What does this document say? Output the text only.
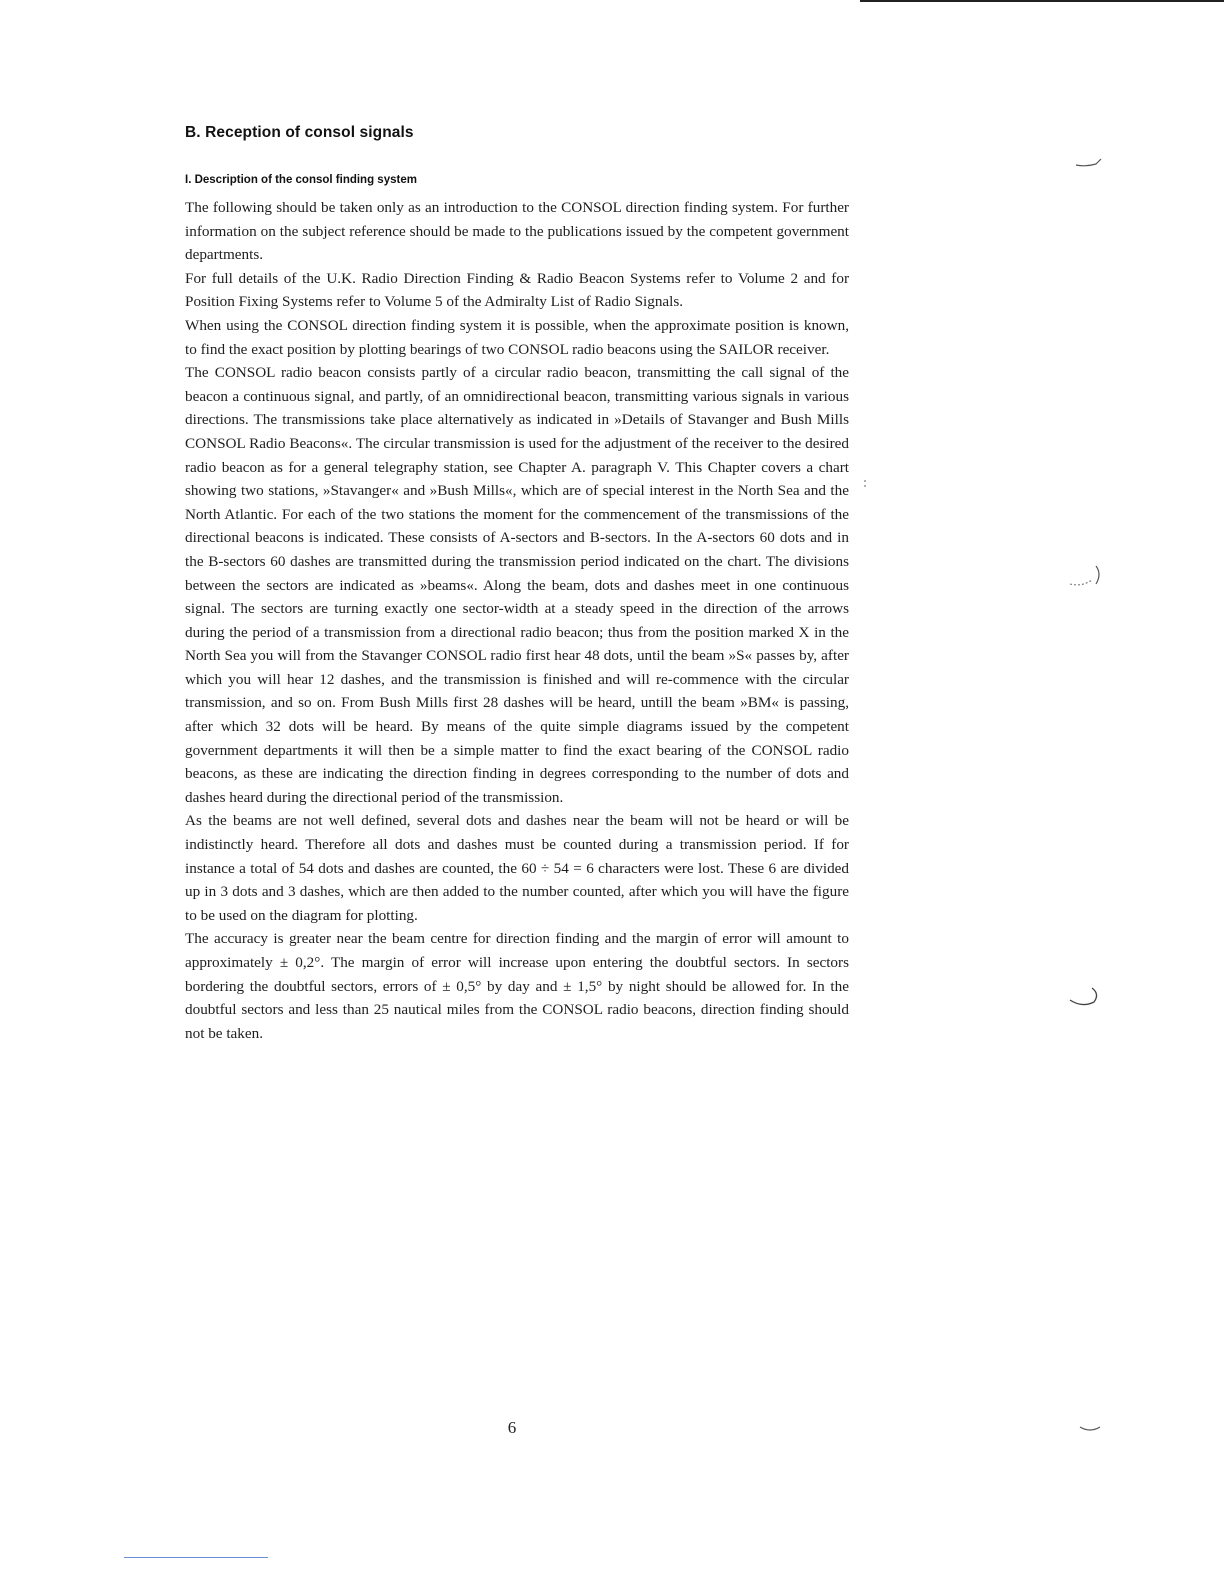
B. Reception of consol signals
I. Description of the consol finding system

The following should be taken only as an introduction to the CONSOL direction finding system. For further information on the subject reference should be made to the publications issued by the competent government departments.

For full details of the U.K. Radio Direction Finding & Radio Beacon Systems refer to Volume 2 and for Position Fixing Systems refer to Volume 5 of the Admiralty List of Radio Signals.

When using the CONSOL direction finding system it is possible, when the approximate position is known, to find the exact position by plotting bearings of two CONSOL radio beacons using the SAILOR receiver.

The CONSOL radio beacon consists partly of a circular radio beacon, transmitting the call signal of the beacon a continuous signal, and partly, of an omnidirectional beacon, transmitting various signals in various directions. The transmissions take place alternatively as indicated in »Details of Stavanger and Bush Mills CONSOL Radio Beacons«. The circular transmission is used for the adjustment of the receiver to the desired radio beacon as for a general telegraphy station, see Chapter A. paragraph V. This Chapter covers a chart showing two stations, »Stavanger« and »Bush Mills«, which are of special interest in the North Sea and the North Atlantic. For each of the two stations the moment for the commencement of the transmissions of the directional beacons is indicated. These consists of A-sectors and B-sectors. In the A-sectors 60 dots and in the B-sectors 60 dashes are transmitted during the transmission period indicated on the chart. The divisions between the sectors are indicated as »beams«. Along the beam, dots and dashes meet in one continuous signal. The sectors are turning exactly one sector-width at a steady speed in the direction of the arrows during the period of a transmission from a directional radio beacon; thus from the position marked X in the North Sea you will from the Stavanger CONSOL radio first hear 48 dots, until the beam »S« passes by, after which you will hear 12 dashes, and the transmission is finished and will re-commence with the circular transmission, and so on. From Bush Mills first 28 dashes will be heard, untill the beam »BM« is passing, after which 32 dots will be heard. By means of the quite simple diagrams issued by the competent government departments it will then be a simple matter to find the exact bearing of the CONSOL radio beacons, as these are indicating the direction finding in degrees corresponding to the number of dots and dashes heard during the directional period of the transmission.

As the beams are not well defined, several dots and dashes near the beam will not be heard or will be indistinctly heard. Therefore all dots and dashes must be counted during a transmission period. If for instance a total of 54 dots and dashes are counted, the 60 ÷ 54 = 6 characters were lost. These 6 are divided up in 3 dots and 3 dashes, which are then added to the number counted, after which you will have the figure to be used on the diagram for plotting.

The accuracy is greater near the beam centre for direction finding and the margin of error will amount to approximately ± 0,2°. The margin of error will increase upon entering the doubtful sectors. In sectors bordering the doubtful sectors, errors of ± 0,5° by day and ± 1,5° by night should be allowed for. In the doubtful sectors and less than 25 nautical miles from the CONSOL radio beacons, direction finding should not be taken.

6
